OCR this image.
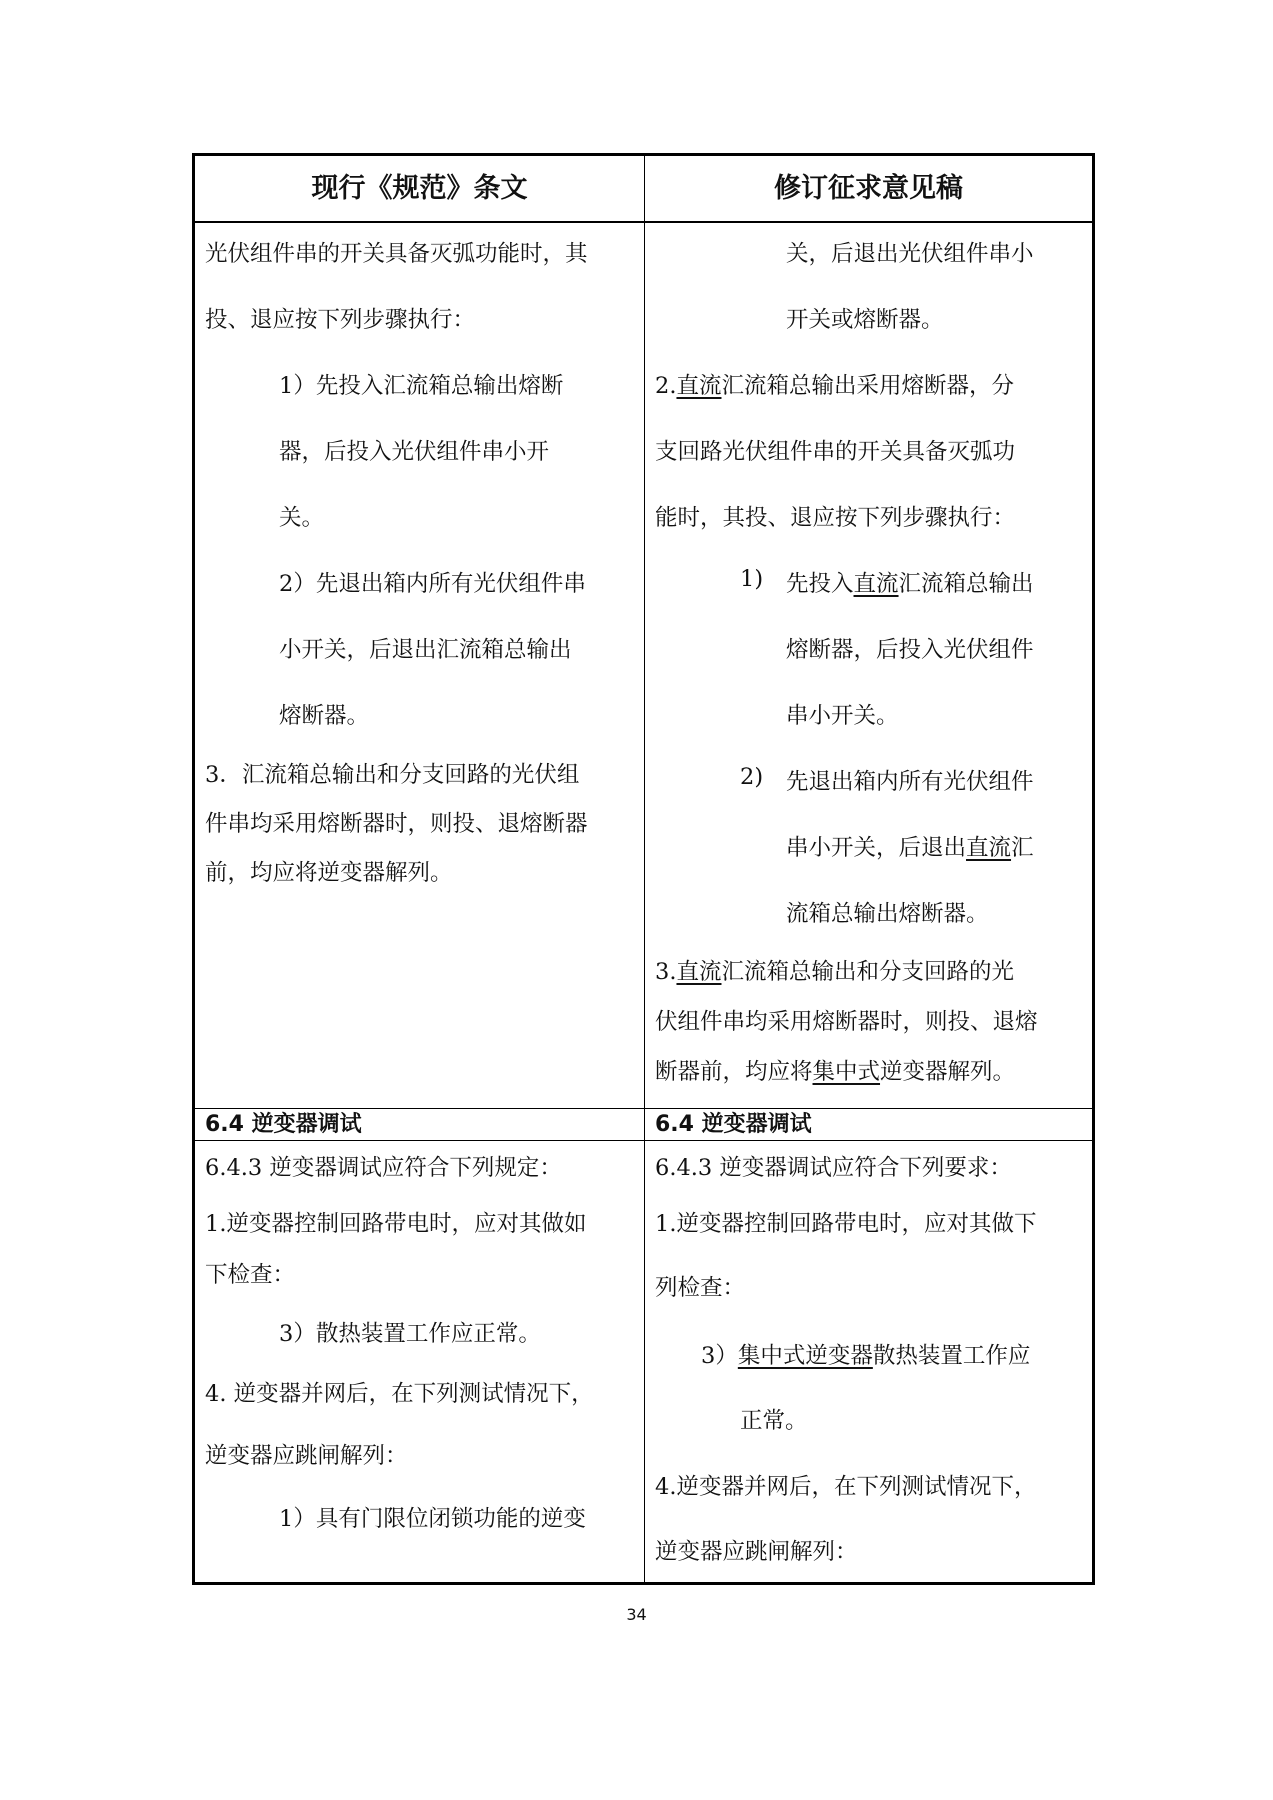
现行《规范》条文	修订征求意见稿
光伏组件串的开关具备灭弧功能时，其
投、退应按下列步骤执行：
1）先投入汇流箱总输出熔断
器，后投入光伏组件串小开
关。
2）先退出箱内所有光伏组件串
小开关，后退出汇流箱总输出
熔断器。
3．汇流箱总输出和分支回路的光伏组
件串均采用熔断器时，则投、退熔断器
前，均应将逆变器解列。
关，后退出光伏组件串小
开关或熔断器。
2.直流汇流箱总输出采用熔断器，分
支回路光伏组件串的开关具备灭弧功
能时，其投、退应按下列步骤执行：
1) 先投入直流汇流箱总输出
熔断器，后投入光伏组件
串小开关。
2) 先退出箱内所有光伏组件
串小开关，后退出直流汇
流箱总输出熔断器。
3.直流汇流箱总输出和分支回路的光
伏组件串均采用熔断器时，则投、退熔
断器前，均应将集中式逆变器解列。
6.4 逆变器调试	6.4 逆变器调试
6.4.3 逆变器调试应符合下列规定：
1.逆变器控制回路带电时，应对其做如
下检查：
3）散热装置工作应正常。
4. 逆变器并网后，在下列测试情况下，
逆变器应跳闸解列：
1）具有门限位闭锁功能的逆变
6.4.3 逆变器调试应符合下列要求：
1.逆变器控制回路带电时，应对其做下
列检查：
3）集中式逆变器散热装置工作应
正常。
4.逆变器并网后，在下列测试情况下，
逆变器应跳闸解列：
34
